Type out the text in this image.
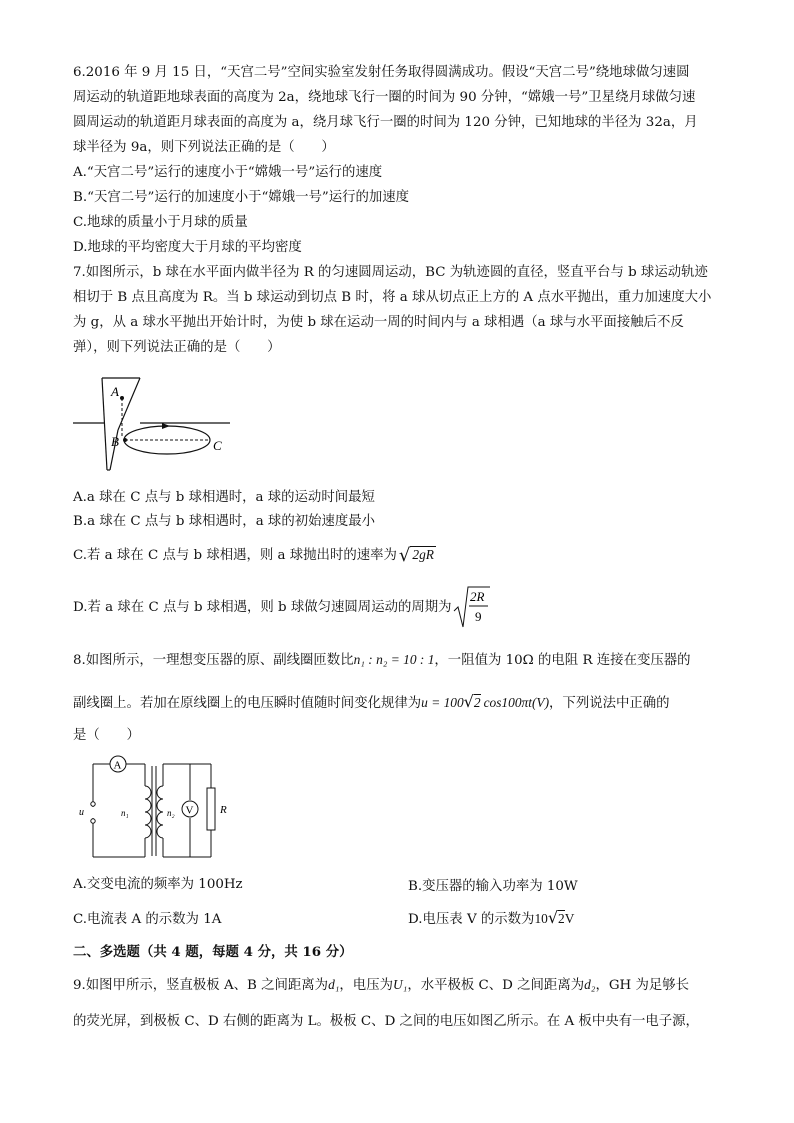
6.2016 年 9 月 15 日，“天宫二号”空间实验室发射任务取得圆满成功。假设“天宫二号”绕地球做匀速圆
周运动的轨道距地球表面的高度为 2a，绕地球飞行一圈的时间为 90 分钟，“嫦娥一号”卫星绕月球做匀速
圆周运动的轨道距月球表面的高度为 a，绕月球飞行一圈的时间为 120 分钟，已知地球的半径为 32a，月
球半径为 9a，则下列说法正确的是（　　）
A.“天宫二号”运行的速度小于“嫦娥一号”运行的速度
B.“天宫二号”运行的加速度小于“嫦娥一号”运行的加速度
C.地球的质量小于月球的质量
D.地球的平均密度大于月球的平均密度
7.如图所示，b 球在水平面内做半径为 R 的匀速圆周运动，BC 为轨迹圆的直径，竖直平台与 b 球运动轨迹
相切于 B 点且高度为 R。当 b 球运动到切点 B 时，将 a 球从切点正上方的 A 点水平抛出，重力加速度大小
为 g，从 a 球水平抛出开始计时，为使 b 球在运动一周的时间内与 a 球相遇（a 球与水平面接触后不反
弹），则下列说法正确的是（　　）
A
B	C
A.a 球在 C 点与 b 球相遇时，a 球的运动时间最短
B.a 球在 C 点与 b 球相遇时，a 球的初始速度最小
C.若 a 球在 C 点与 b 球相遇，则 a 球抛出时的速率为 √ 2gR
D.若 a 球在 C 点与 b 球相遇，则 b 球做匀速圆周运动的周期为
2R
9
8.如图所示，一理想变压器的原、副线圈匝数比n₁ : n₂ = 10 : 1，一阻值为 10Ω 的电阻 R 连接在变压器的
副线圈上。若加在原线圈上的电压瞬时值随时间变化规律为u = 100√2 cos100πt(V)，下列说法中正确的
是（　　）
A
V
u	n₁	n₂	R
A.交变电流的频率为 100Hz	B.变压器的输入功率为 10W
C.电流表 A 的示数为 1A	D.电压表 V 的示数为10√2V
二、多选题（共 4 题，每题 4 分，共 16 分）
9.如图甲所示，竖直极板 A、B 之间距离为d₁，电压为U₁，水平极板 C、D 之间距离为d₂，GH 为足够长
的荧光屏，到极板 C、D 右侧的距离为 L。极板 C、D 之间的电压如图乙所示。在 A 板中央有一电子源，
